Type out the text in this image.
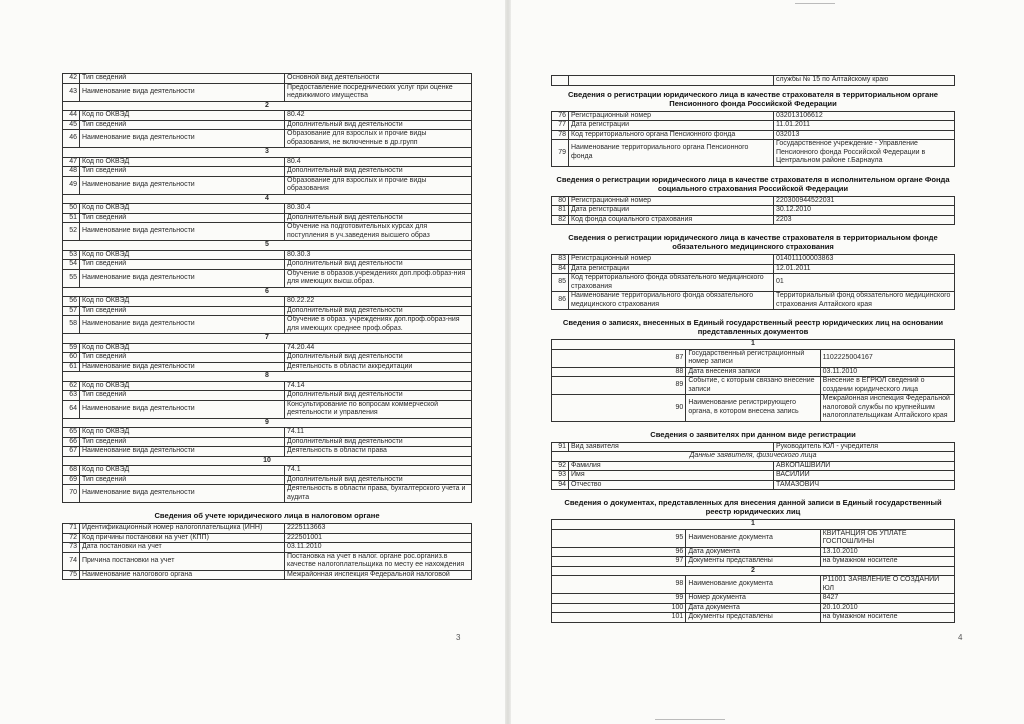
42	Тип сведений	Основной вид деятельности
43	Наименование вида деятельности	Предоставление посреднических услуг при оценке недвижимого имущества
2		
44	Код по ОКВЭД	80.42
45	Тип сведений	Дополнительный вид деятельности
46	Наименование вида деятельности	Образование для взрослых и прочие виды образования, не включенные в др.групп
3		
47	Код по ОКВЭД	80.4
48	Тип сведений	Дополнительный вид деятельности
49	Наименование вида деятельности	Образование для взрослых и прочие виды образования
4		
50	Код по ОКВЭД	80.30.4
51	Тип сведений	Дополнительный вид деятельности
52	Наименование вида деятельности	Обучение на подготовительных курсах для поступления в уч.заведения высшего образ
5		
53	Код по ОКВЭД	80.30.3
54	Тип сведений	Дополнительный вид деятельности
55	Наименование вида деятельности	Обучение в образов.учреждениях доп.проф.образ-ния для имеющих высш.образ.
6		
56	Код по ОКВЭД	80.22.22
57	Тип сведений	Дополнительный вид деятельности
58	Наименование вида деятельности	Обучение в образ. учреждениях доп.проф.образ-ния для имеющих среднее проф.образ.
7		
59	Код по ОКВЭД	74.20.44
60	Тип сведений	Дополнительный вид деятельности
61	Наименование вида деятельности	Деятельность в области аккредитации
8		
62	Код по ОКВЭД	74.14
63	Тип сведений	Дополнительный вид деятельности
64	Наименование вида деятельности	Консультирование по вопросам коммерческой деятельности и управления
9		
65	Код по ОКВЭД	74.11
66	Тип сведений	Дополнительный вид деятельности
67	Наименование вида деятельности	Деятельность в области права
10		
68	Код по ОКВЭД	74.1
69	Тип сведений	Дополнительный вид деятельности
70	Наименование вида деятельности	Деятельность в области права, бухгалтерского учета и аудита
Сведения об учете юридического лица в налоговом органе
71	Идентификационный номер налогоплательщика (ИНН)	2225113663
72	Код причины постановки на учет (КПП)	222501001
73	Дата постановки на учет	03.11.2010
74	Причина постановки на учет	Постановка на учет в налог. органе рос.организ.в качестве налогоплательщика по месту ее нахождения
75	Наименование налогового органа	Межрайонная инспекция Федеральной налоговой
		службы № 15 по Алтайскому краю
Сведения о регистрации юридического лица в качестве страхователя в территориальном органе Пенсионного фонда Российской Федерации
76	Регистрационный номер	032013106612
77	Дата регистрации	11.01.2011
78	Код территориального органа Пенсионного фонда	032013
79	Наименование территориального органа Пенсионного фонда	Государственное учреждение - Управление Пенсионного фонда Российской Федерации в Центральном районе г.Барнаула
Сведения о регистрации юридического лица в качестве страхователя в исполнительном органе Фонда социального страхования Российской Федерации
80	Регистрационный номер	220300944522031
81	Дата регистрации	30.12.2010
82	Код фонда социального страхования	2203
Сведения о регистрации юридического лица в качестве страхователя в территориальном фонде обязательного медицинского страхования
83	Регистрационный номер	014011100003863
84	Дата регистрации	12.01.2011
85	Код территориального фонда обязательного медицинского страхования	01
86	Наименование территориального фонда обязательного медицинского страхования	Территориальный фонд обязательного медицинского страхования Алтайского края
Сведения о записях, внесенных в Единый государственный реестр юридических лиц на основании представленных документов
1		
87	Государственный регистрационный номер записи	1102225004167
88	Дата внесения записи	03.11.2010
89	Событие, с которым связано внесение записи	Внесение в ЕГРЮЛ сведений о создании юридического лица
90	Наименование регистрирующего органа, в котором внесена запись	Межрайонная инспекция Федеральной налоговой службы по крупнейшим налогоплательщикам Алтайского края
Сведения о заявителях при данном виде регистрации
91	Вид заявителя	Руководитель ЮЛ - учредителя
Данные заявителя, физического лица		
92	Фамилия	АВКОПАШВИЛИ
93	Имя	ВАСИЛИЙ
94	Отчество	ТАМАЗОВИЧ
Сведения о документах, представленных для внесения данной записи в Единый государственный реестр юридических лиц
1		
95	Наименование документа	КВИТАНЦИЯ ОБ УПЛАТЕ ГОСПОШЛИНЫ
96	Дата документа	13.10.2010
97	Документы представлены	на бумажном носителе
2		
98	Наименование документа	Р11001 ЗАЯВЛЕНИЕ О СОЗДАНИИ ЮЛ
99	Номер документа	8427
100	Дата документа	20.10.2010
101	Документы представлены	на бумажном носителе
3	4
